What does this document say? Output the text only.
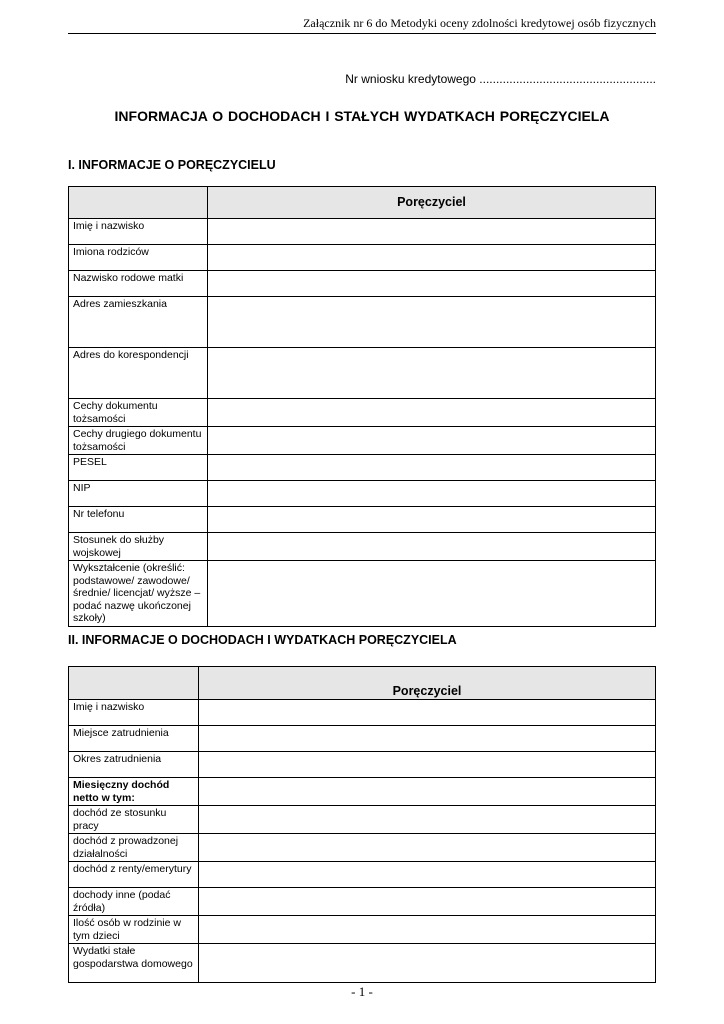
Załącznik nr 6 do Metodyki oceny zdolności kredytowej osób fizycznych
Nr wniosku kredytowego .....................................................
INFORMACJA O DOCHODACH I STAŁYCH WYDATKACH PORĘCZYCIELA
I. INFORMACJE O PORĘCZYCIELU
	Poręczyciel
Imię i nazwisko	
Imiona rodziców	
Nazwisko rodowe matki	
Adres zamieszkania	
Adres do korespondencji	
Cechy dokumentu tożsamości	
Cechy drugiego dokumentu tożsamości	
PESEL	
NIP	
Nr telefonu	
Stosunek do służby wojskowej	
Wykształcenie (określić: podstawowe/ zawodowe/ średnie/ licencjat/ wyższe – podać nazwę ukończonej szkoły)	
II. INFORMACJE O DOCHODACH I WYDATKACH PORĘCZYCIELA
	Poręczyciel
Imię i nazwisko	
Miejsce zatrudnienia	
Okres zatrudnienia	
Miesięczny dochód netto w tym:	
dochód ze stosunku pracy	
dochód z prowadzonej działalności	
dochód z renty/emerytury	
dochody inne (podać źródła)	
Ilość osób w rodzinie w tym dzieci	
Wydatki stałe gospodarstwa domowego	
- 1 -
